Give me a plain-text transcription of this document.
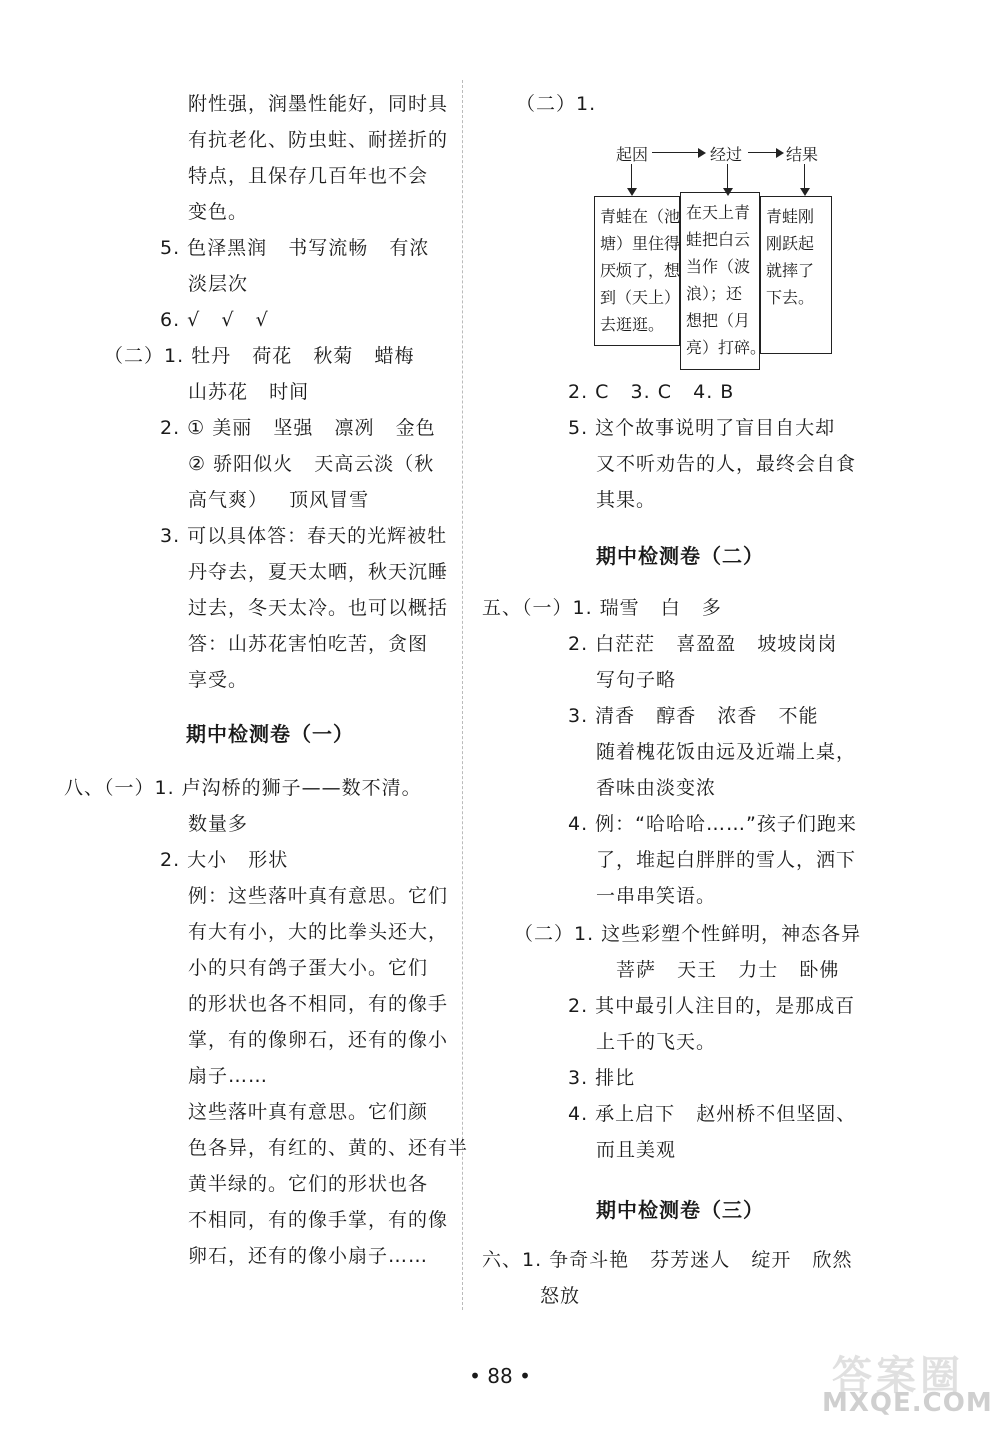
附性强，润墨性能好，同时具
有抗老化、防虫蛀、耐搓折的
特点，且保存几百年也不会
变色。
5. 色泽黑润   书写流畅   有浓
淡层次
6. √   √   √
（二）1. 牡丹   荷花   秋菊   蜡梅
山苏花   时间
2. ① 美丽   坚强   凛冽   金色
② 骄阳似火   天高云淡（秋
高气爽）   顶风冒雪
3. 可以具体答：春天的光辉被牡
丹夺去，夏天太晒，秋天沉睡
过去，冬天太冷。也可以概括
答：山苏花害怕吃苦，贪图
享受。
期中检测卷（一）
八、（一）1. 卢沟桥的狮子——数不清。
数量多
2. 大小   形状
例：这些落叶真有意思。它们
有大有小，大的比拳头还大，
小的只有鸽子蛋大小。它们
的形状也各不相同，有的像手
掌，有的像卵石，还有的像小
扇子……
这些落叶真有意思。它们颜
色各异，有红的、黄的、还有半
黄半绿的。它们的形状也各
不相同，有的像手掌，有的像
卵石，还有的像小扇子……
（二）1.
起因	经过	结果
青蛙在（池
塘）里住得
厌烦了，想
到（天上）
去逛逛。
在天上青
蛙把白云
当作（波
浪）；还
想把（月
亮）打碎。
青蛙刚
刚跃起
就摔了
下去。
2. C   3. C   4. B
5. 这个故事说明了盲目自大却
又不听劝告的人，最终会自食
其果。
期中检测卷（二）
五、（一）1. 瑞雪   白   多
2. 白茫茫   喜盈盈   坡坡岗岗
写句子略
3. 清香   醇香   浓香   不能
随着槐花饭由远及近端上桌，
香味由淡变浓
4. 例：“哈哈哈……”孩子们跑来
了，堆起白胖胖的雪人，洒下
一串串笑语。
（二）1. 这些彩塑个性鲜明，神态各异
菩萨   天王   力士   卧佛
2. 其中最引人注目的，是那成百
上千的飞天。
3. 排比
4. 承上启下   赵州桥不但坚固、
而且美观
期中检测卷（三）
六、1. 争奇斗艳   芬芳迷人   绽开   欣然
怒放
• 88 •	答案圈
MXQE.COM
